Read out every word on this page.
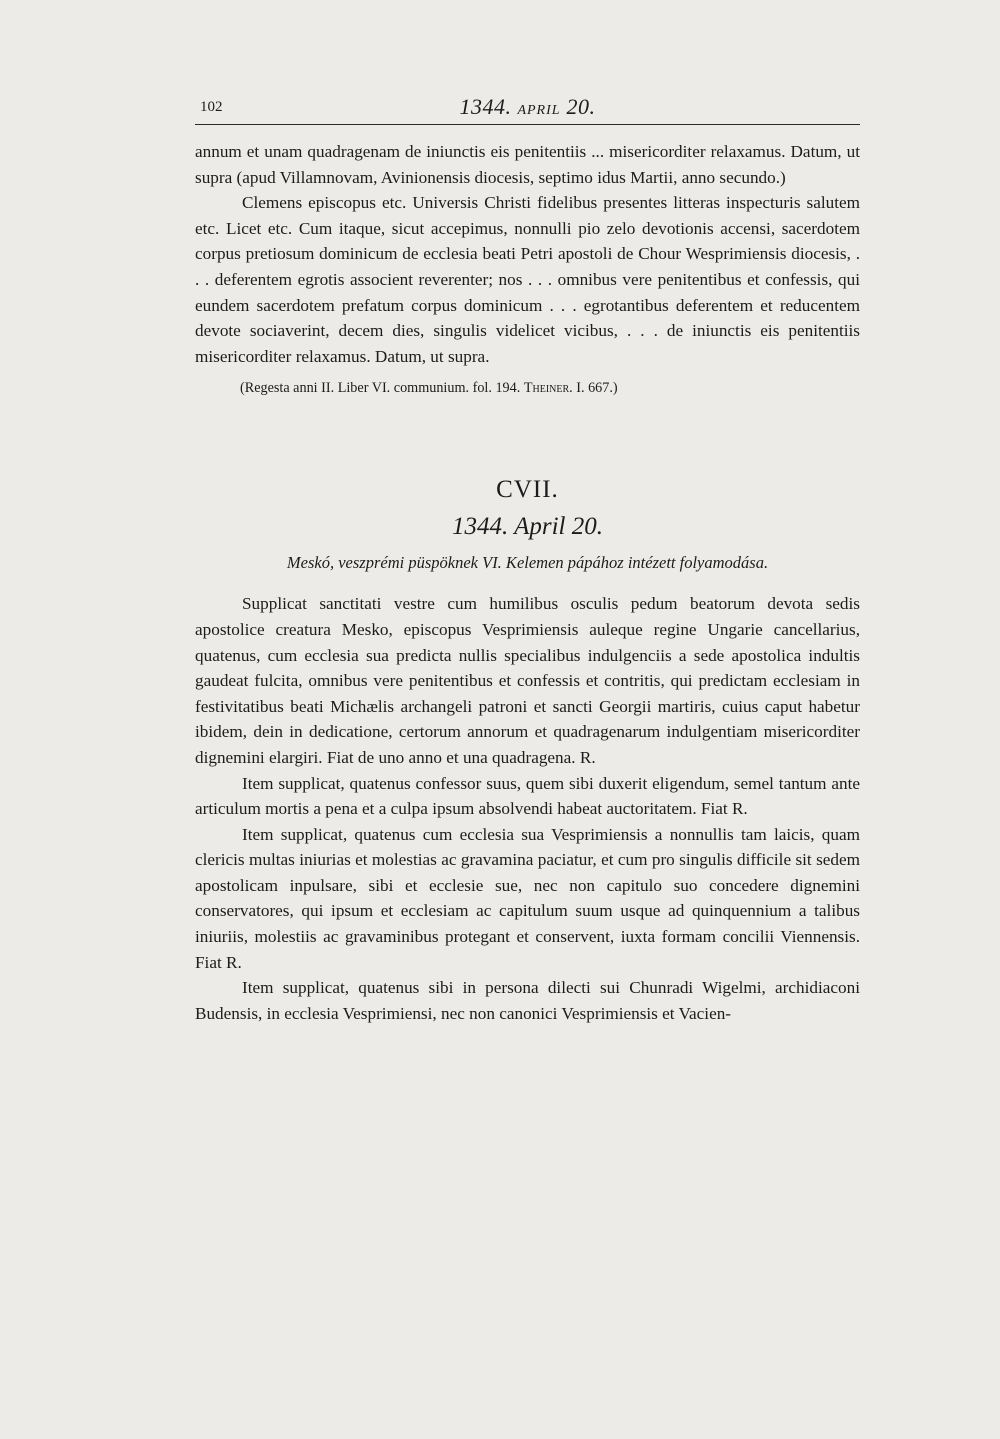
102	1344. APRIL 20.

annum et unam quadragenam de iniunctis eis penitentiis ... misericorditer relaxamus. Datum, ut supra (apud Villamnovam, Avinionensis diocesis, septimo idus Martii, anno secundo.)

Clemens episcopus etc. Universis Christi fidelibus presentes litteras inspecturis salutem etc. Licet etc. Cum itaque, sicut accepimus, nonnulli pio zelo devotionis accensi, sacerdotem corpus pretiosum dominicum de ecclesia beati Petri apostoli de Chour Wesprimiensis diocesis, . . . deferentem egrotis associent reverenter; nos . . . omnibus vere penitentibus et confessis, qui eundem sacerdotem prefatum corpus dominicum . . . egrotantibus deferentem et reducentem devote sociaverint, decem dies, singulis videlicet vicibus, . . . de iniunctis eis penitentiis misericorditer relaxamus. Datum, ut supra.

(Regesta anni II. Liber VI. communium. fol. 194. Theiner. I. 667.)

CVII.
1344. April 20.
Meskó, veszprémi püspöknek VI. Kelemen pápához intézett folyamodása.

Supplicat sanctitati vestre cum humilibus osculis pedum beatorum devota sedis apostolice creatura Mesko, episcopus Vesprimiensis auleque regine Ungarie cancellarius, quatenus, cum ecclesia sua predicta nullis specialibus indulgenciis a sede apostolica indultis gaudeat fulcita, omnibus vere penitentibus et confessis et contritis, qui predictam ecclesiam in festivitatibus beati Michælis archangeli patroni et sancti Georgii martiris, cuius caput habetur ibidem, dein in dedicatione, certorum annorum et quadragenarum indulgentiam misericorditer dignemini elargiri. Fiat de uno anno et una quadragena. R.

Item supplicat, quatenus confessor suus, quem sibi duxerit eligendum, semel tantum ante articulum mortis a pena et a culpa ipsum absolvendi habeat auctoritatem. Fiat R.

Item supplicat, quatenus cum ecclesia sua Vesprimiensis a nonnullis tam laicis, quam clericis multas iniurias et molestias ac gravamina paciatur, et cum pro singulis difficile sit sedem apostolicam inpulsare, sibi et ecclesie sue, nec non capitulo suo concedere dignemini conservatores, qui ipsum et ecclesiam ac capitulum suum usque ad quinquennium a talibus iniuriis, molestiis ac gravaminibus protegant et conservent, iuxta formam concilii Viennensis. Fiat R.

Item supplicat, quatenus sibi in persona dilecti sui Chunradi Wigelmi, archidiaconi Budensis, in ecclesia Vesprimiensi, nec non canonici Vesprimiensis et Vacien-
